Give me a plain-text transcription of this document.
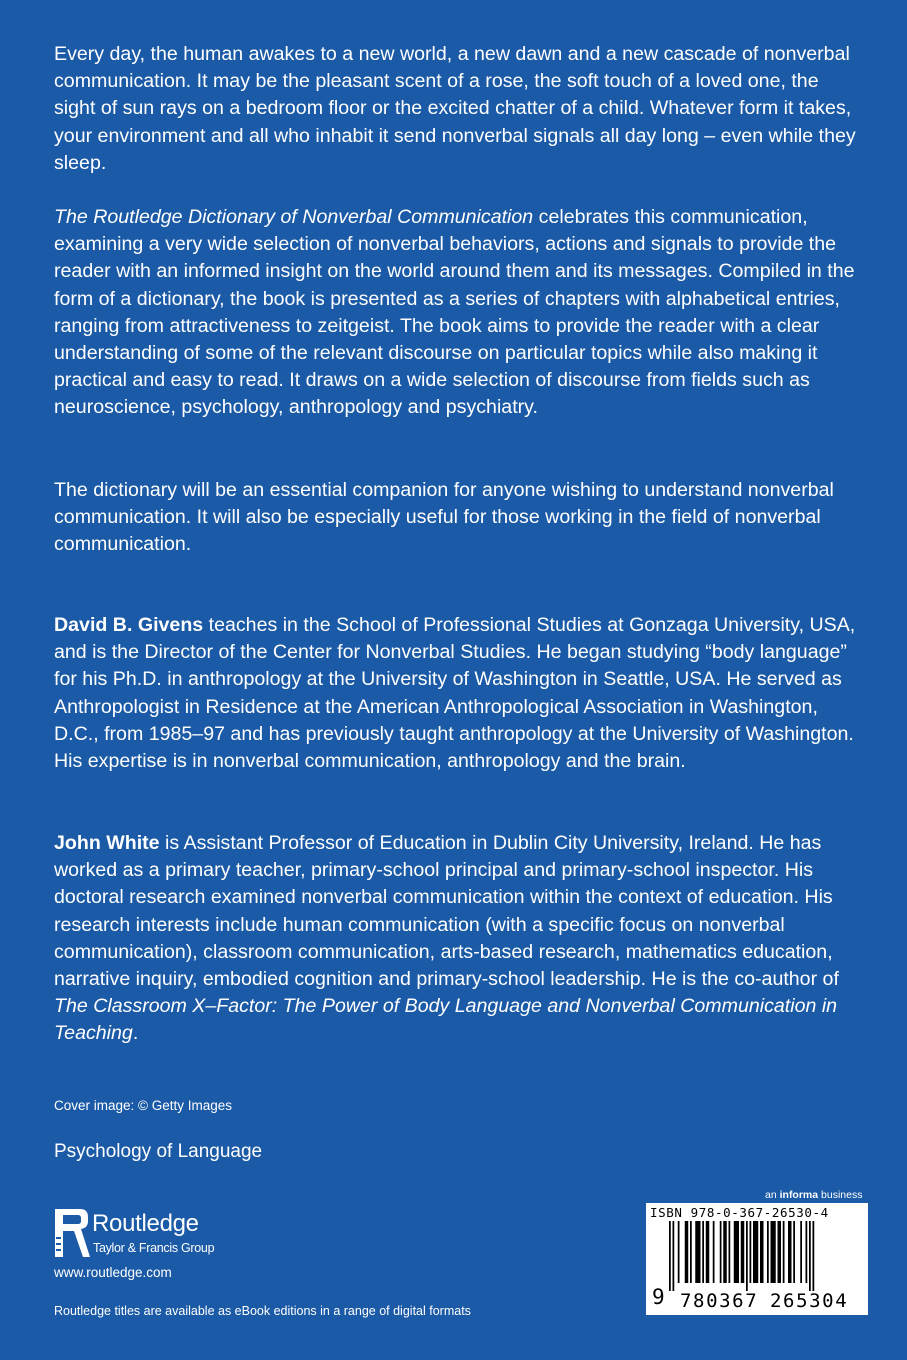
Every day, the human awakes to a new world, a new dawn and a new cascade of nonverbal communication. It may be the pleasant scent of a rose, the soft touch of a loved one, the sight of sun rays on a bedroom floor or the excited chatter of a child. Whatever form it takes, your environment and all who inhabit it send nonverbal signals all day long – even while they sleep.

The Routledge Dictionary of Nonverbal Communication celebrates this communication, examining a very wide selection of nonverbal behaviors, actions and signals to provide the reader with an informed insight on the world around them and its messages. Compiled in the form of a dictionary, the book is presented as a series of chapters with alphabetical entries, ranging from attractiveness to zeitgeist. The book aims to provide the reader with a clear understanding of some of the relevant discourse on particular topics while also making it practical and easy to read. It draws on a wide selection of discourse from fields such as neuroscience, psychology, anthropology and psychiatry.

The dictionary will be an essential companion for anyone wishing to understand nonverbal communication. It will also be especially useful for those working in the field of nonverbal communication.

David B. Givens teaches in the School of Professional Studies at Gonzaga University, USA, and is the Director of the Center for Nonverbal Studies. He began studying “body language” for his Ph.D. in anthropology at the University of Washington in Seattle, USA. He served as Anthropologist in Residence at the American Anthropological Association in Washington, D.C., from 1985–97 and has previously taught anthropology at the University of Washington. His expertise is in nonverbal communication, anthropology and the brain.

John White is Assistant Professor of Education in Dublin City University, Ireland. He has worked as a primary teacher, primary-school principal and primary-school inspector. His doctoral research examined nonverbal communication within the context of education. His research interests include human communication (with a specific focus on nonverbal communication), classroom communication, arts-based research, mathematics education, narrative inquiry, embodied cognition and primary-school leadership. He is the co-author of The Classroom X–Factor: The Power of Body Language and Nonverbal Communication in Teaching.

Cover image: © Getty Images
Psychology of Language
Routledge
Taylor & Francis Group
www.routledge.com
Routledge titles are available as eBook editions in a range of digital formats
an informa business
ISBN 978-0-367-26530-4
9 780367 265304
